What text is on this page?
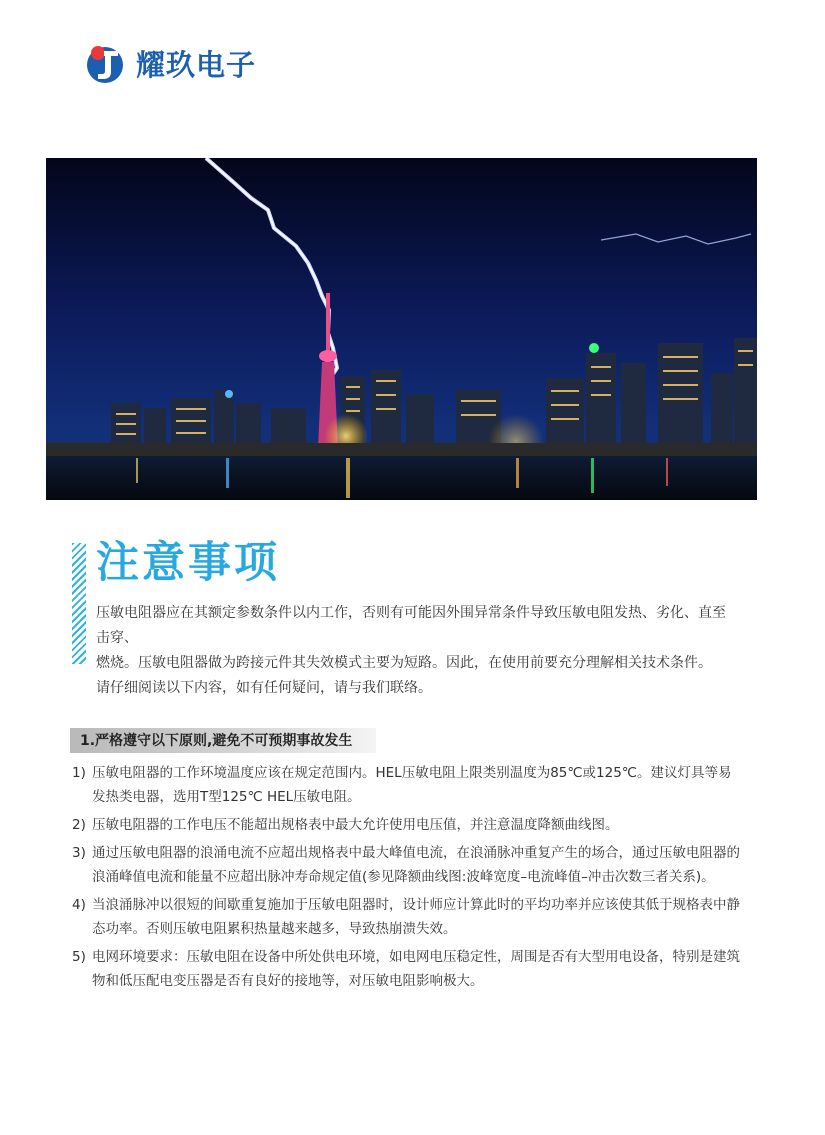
耀玖电子
注意事项

压敏电阻器应在其额定参数条件以内工作，否则有可能因外围异常条件导致压敏电阻发热、劣化、直至击穿、

燃烧。压敏电阻器做为跨接元件其失效模式主要为短路。因此，在使用前要充分理解相关技术条件。

请仔细阅读以下内容，如有任何疑问，请与我们联络。

1.严格遵守以下原则,避免不可预期事故发生
1) 压敏电阻器的工作环境温度应该在规定范围内。HEL压敏电阻上限类别温度为85℃或125℃。建议灯具等易发热类电器，选用T型125℃ HEL压敏电阻。
2) 压敏电阻器的工作电压不能超出规格表中最大允许使用电压值，并注意温度降额曲线图。
3) 通过压敏电阻器的浪涌电流不应超出规格表中最大峰值电流，在浪涌脉冲重复产生的场合，通过压敏电阻器的浪涌峰值电流和能量不应超出脉冲寿命规定值(参见降额曲线图:波峰宽度–电流峰值–冲击次数三者关系)。
4) 当浪涌脉冲以很短的间歇重复施加于压敏电阻器时，设计师应计算此时的平均功率并应该使其低于规格表中静态功率。否则压敏电阻累积热量越来越多，导致热崩溃失效。
5) 电网环境要求：压敏电阻在设备中所处供电环境，如电网电压稳定性，周围是否有大型用电设备，特别是建筑物和低压配电变压器是否有良好的接地等，对压敏电阻影响极大。
